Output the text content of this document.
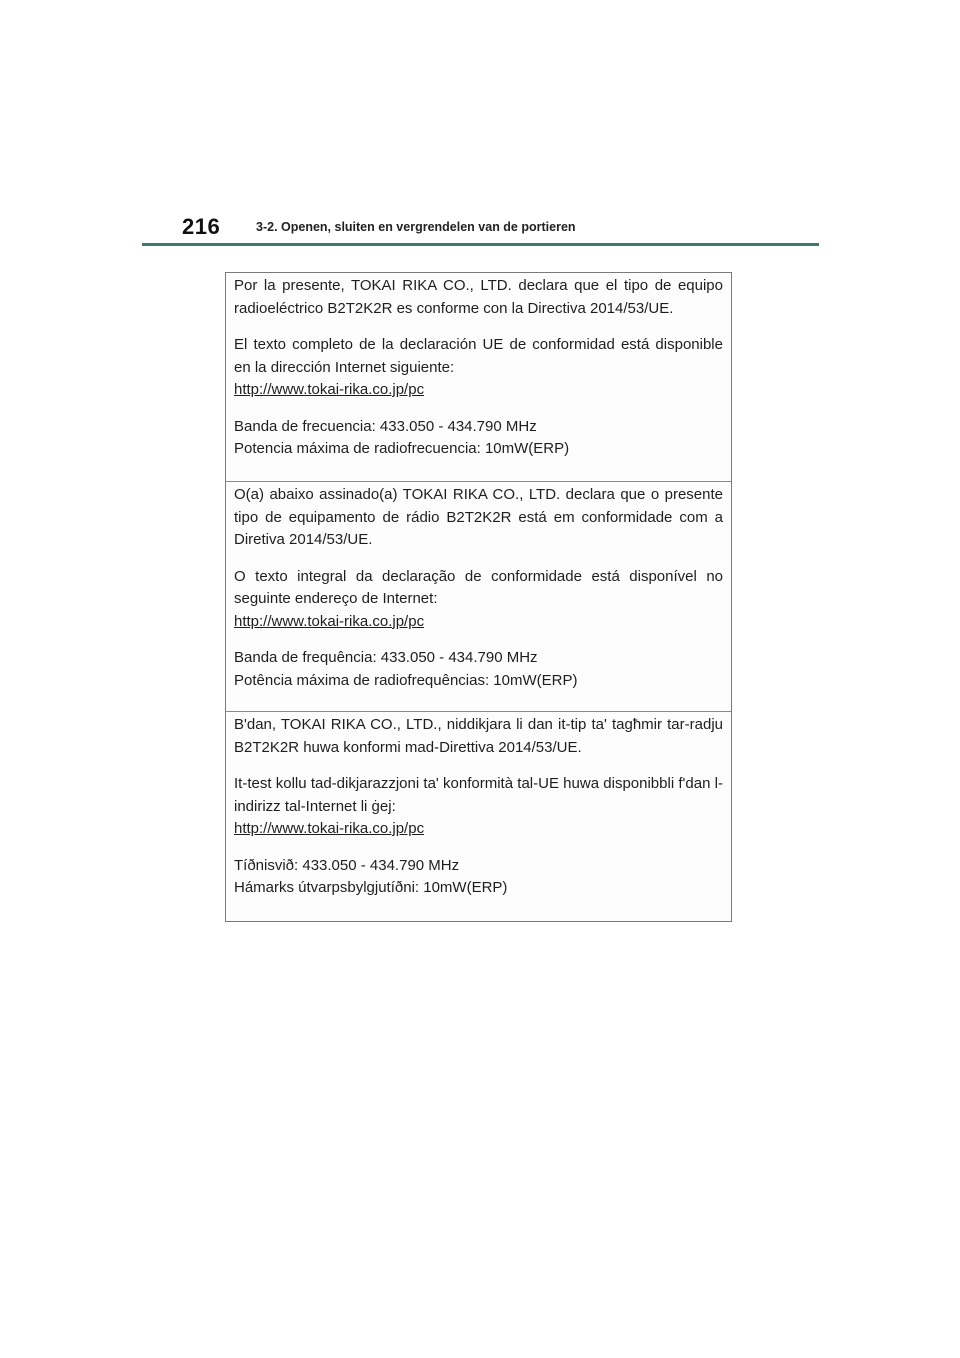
216	3-2. Openen, sluiten en vergrendelen van de portieren

Por la presente, TOKAI RIKA CO., LTD. declara que el tipo de equipo radioeléctrico B2T2K2R es conforme con la Directiva 2014/53/UE.

El texto completo de la declaración UE de conformidad está disponible en la dirección Internet siguiente:

http://www.tokai-rika.co.jp/pc
Banda de frecuencia: 433.050 - 434.790 MHz
Potencia máxima de radiofrecuencia: 10mW(ERP)

O(a) abaixo assinado(a) TOKAI RIKA CO., LTD. declara que o presente tipo de equipamento de rádio B2T2K2R está em conformidade com a Diretiva 2014/53/UE.

O texto integral da declaração de conformidade está disponível no seguinte endereço de Internet:

http://www.tokai-rika.co.jp/pc
Banda de frequência: 433.050 - 434.790 MHz
Potência máxima de radiofrequências: 10mW(ERP)

B'dan, TOKAI RIKA CO., LTD., niddikjara li dan it-tip ta' tagħmir tar-radju B2T2K2R huwa konformi mad-Direttiva 2014/53/UE.

It-test kollu tad-dikjarazzjoni ta' konformità tal-UE huwa disponibbli f'dan l-indirizz tal-Internet li ġej:

http://www.tokai-rika.co.jp/pc
Tíðnisvið: 433.050 - 434.790 MHz
Hámarks útvarpsbylgjutíðni: 10mW(ERP)
